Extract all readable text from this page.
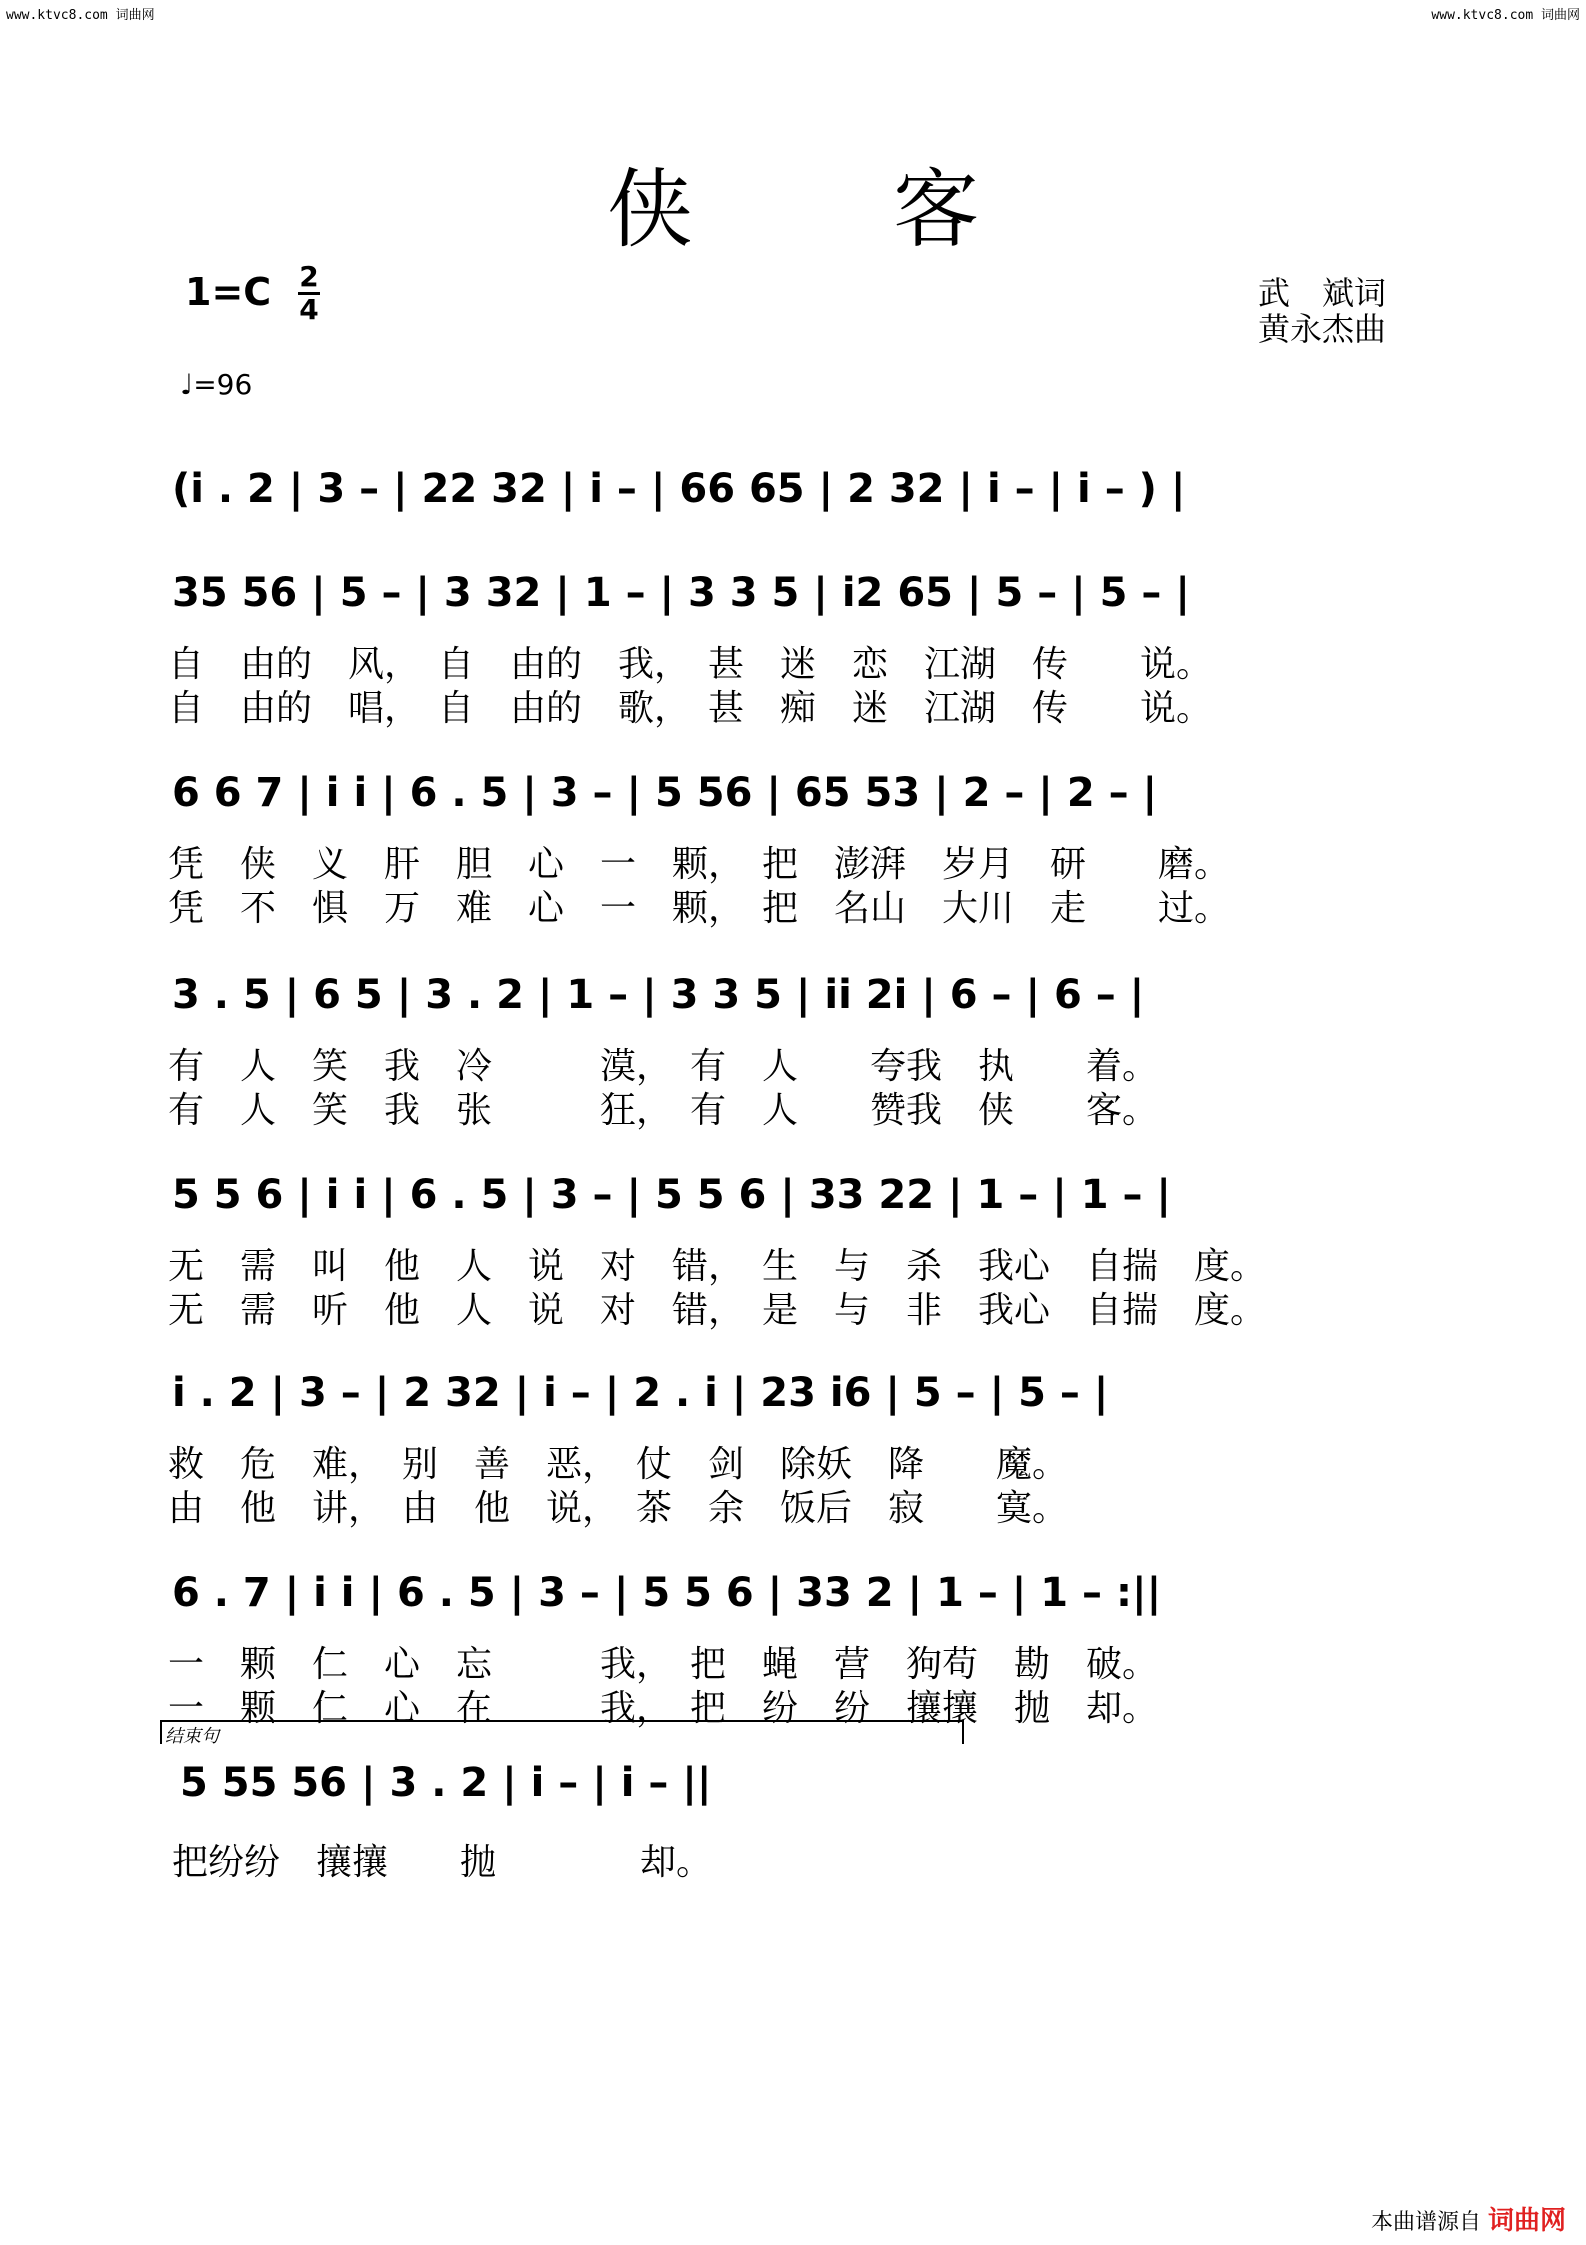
www.ktvc8.com 词曲网	www.ktvc8.com 词曲网
侠客
1=C 2
4
♩=96
武　斌词
黄永杰曲
(i . 2 | 3 – | 22 32 | i – | 66 65 | 2 32 | i – | i – ) |
35 56 | 5 – | 3 32 | 1 – | 3 3 5 | i2 65 | 5 – | 5 – |
自　由的　风，　自　由的　我，　甚　迷　恋　江湖　传　　说。
自　由的　唱，　自　由的　歌，　甚　痴　迷　江湖　传　　说。
6 6 7 | i i | 6 . 5 | 3 – | 5 56 | 65 53 | 2 – | 2 – |
凭　侠　义　肝　胆　心　一　颗，　把　澎湃　岁月　研　　磨。
凭　不　惧　万　难　心　一　颗，　把　名山　大川　走　　过。
3 . 5 | 6 5 | 3 . 2 | 1 – | 3 3 5 | ii 2i | 6 – | 6 – |
有　人　笑　我　冷　　　漠，　有　人　　夸我　执　　着。
有　人　笑　我　张　　　狂，　有　人　　赞我　侠　　客。
5 5 6 | i i | 6 . 5 | 3 – | 5 5 6 | 33 22 | 1 – | 1 – |
无　需　叫　他　人　说　对　错，　生　与　杀　我心　自揣　度。
无　需　听　他　人　说　对　错，　是　与　非　我心　自揣　度。
i . 2 | 3 – | 2 32 | i – | 2 . i | 23 i6 | 5 – | 5 – |
救　危　难，　别　善　恶，　仗　剑　除妖　降　　魔。
由　他　讲，　由　他　说，　茶　余　饭后　寂　　寞。
6 . 7 | i i | 6 . 5 | 3 – | 5 5 6 | 33 2 | 1 – | 1 – :||
一　颗　仁　心　忘　　　我，　把　蝇　营　狗苟　勘　破。
一　颗　仁　心　在　　　我，　把　纷　纷　攘攘　抛　却。
结束句
5 55 56 | 3 . 2 | i – | i – ||
把纷纷　攘攘　　抛　　　　却。
本曲谱源自 词曲网
